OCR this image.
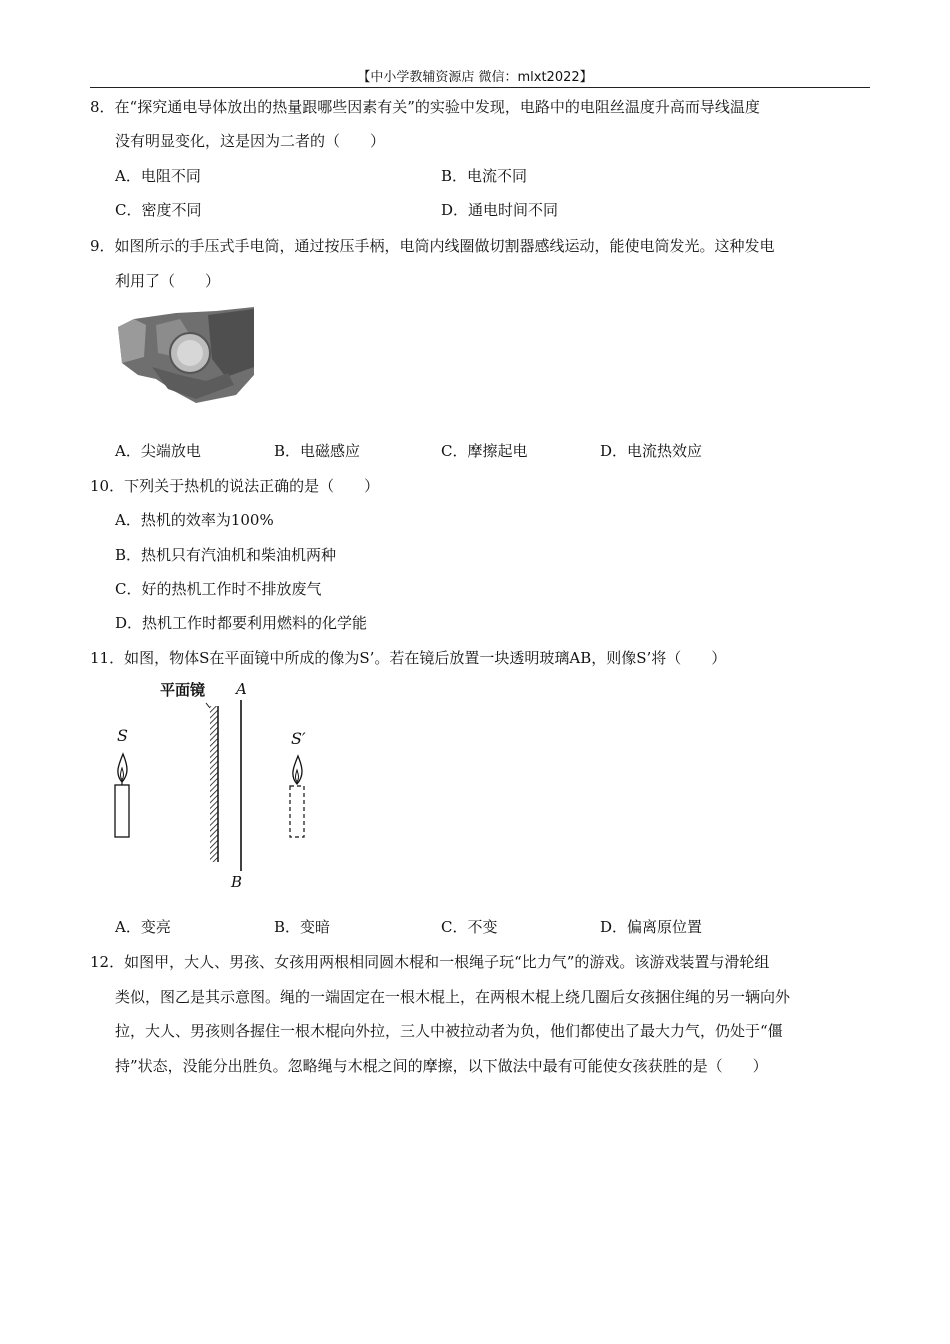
【中小学教辅资源店 微信：mlxt2022】
8．在“探究通电导体放出的热量跟哪些因素有关”的实验中发现，电路中的电阻丝温度升高而导线温度
没有明显变化，这是因为二者的（　　）
A．电阻不同	B．电流不同
C．密度不同	D．通电时间不同
9．如图所示的手压式手电筒，通过按压手柄，电筒内线圈做切割器感线运动，能使电筒发光。这种发电
利用了（　　）
A．尖端放电	B．电磁感应	C．摩擦起电	D．电流热效应
10．下列关于热机的说法正确的是（　　）
A．热机的效率为100%
B．热机只有汽油机和柴油机两种
C．好的热机工作时不排放废气
D．热机工作时都要利用燃料的化学能
11．如图，物体S在平面镜中所成的像为S’。若在镜后放置一块透明玻璃AB，则像S’将（　　）
平面镜 A
B
S	S′
A．变亮	B．变暗	C．不变	D．偏离原位置
12．如图甲，大人、男孩、女孩用两根相同圆木棍和一根绳子玩“比力气”的游戏。该游戏装置与滑轮组
类似，图乙是其示意图。绳的一端固定在一根木棍上，在两根木棍上绕几圈后女孩捆住绳的另一辆向外
拉，大人、男孩则各握住一根木棍向外拉，三人中被拉动者为负，他们都使出了最大力气，仍处于“僵
持”状态，没能分出胜负。忽略绳与木棍之间的摩擦，以下做法中最有可能使女孩获胜的是（　　）
